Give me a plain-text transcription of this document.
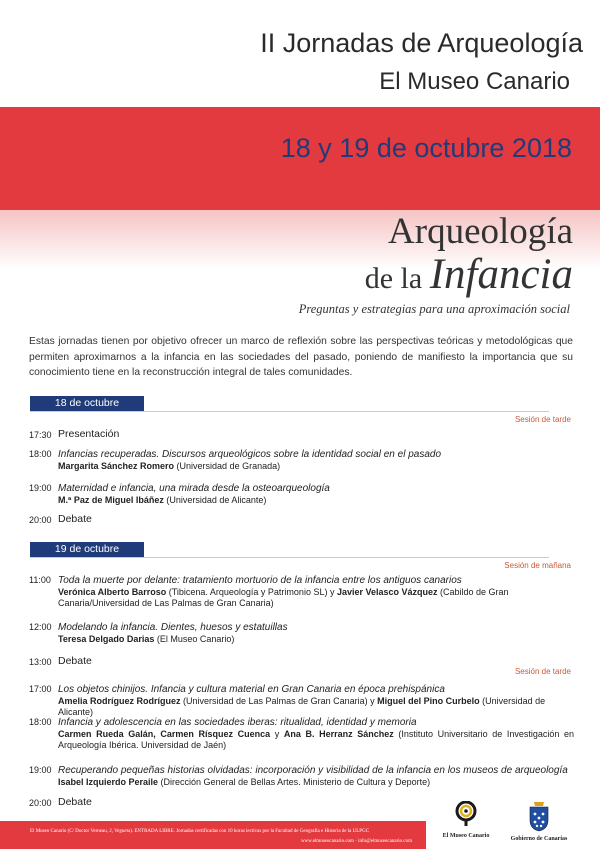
II Jornadas de Arqueología
El Museo Canario
18 y 19 de octubre 2018
Arqueología
de la Infancia
Preguntas y estrategias para una aproximación social
Estas jornadas tienen por objetivo ofrecer un marco de reflexión sobre las perspectivas teóricas y metodológicas que permiten aproximarnos a la infancia en las sociedades del pasado, poniendo de manifiesto la importancia que su conocimiento tiene en la reconstrucción integral de tales comunidades.
18 de octubre
Sesión de tarde
17:30 Presentación
18:00 Infancias recuperadas. Discursos arqueológicos sobre la identidad social en el pasado
Margarita Sánchez Romero (Universidad de Granada)
19:00 Maternidad e infancia, una mirada desde la osteoarqueología
M.ª Paz de Miguel Ibáñez (Universidad de Alicante)
20:00 Debate
19 de octubre
Sesión de mañana
11:00 Toda la muerte por delante: tratamiento mortuorio de la infancia entre los antiguos canarios
Verónica Alberto Barroso (Tibicena. Arqueología y Patrimonio SL) y Javier Velasco Vázquez (Cabildo de Gran Canaria/Universidad de Las Palmas de Gran Canaria)
12:00 Modelando la infancia. Dientes, huesos y estatuillas
Teresa Delgado Darias (El Museo Canario)
13:00 Debate
Sesión de tarde
17:00 Los objetos chinijos. Infancia y cultura material en Gran Canaria en época prehispánica
Amelia Rodríguez Rodríguez (Universidad de Las Palmas de Gran Canaria) y Miguel del Pino Curbelo (Universidad de Alicante)
18:00 Infancia y adolescencia en las sociedades iberas: ritualidad, identidad y memoria
Carmen Rueda Galán, Carmen Rísquez Cuenca y Ana B. Herranz Sánchez (Instituto Universitario de Investigación en Arqueología Ibérica. Universidad de Jaén)
19:00 Recuperando pequeñas historias olvidadas: incorporación y visibilidad de la infancia en los museos de arqueología
Isabel Izquierdo Peraile (Dirección General de Bellas Artes. Ministerio de Cultura y Deporte)
20:00 Debate
El Museo Canario (C/ Doctor Verneau, 2, Vegueta). ENTRADA LIBRE. Jornadas certificadas con 10 horas lectivas por la Facultad de Geografía e Historia de la ULPGC
www.elmuseocanario.com · info@elmuseocanario.com
El Museo Canario	Gobierno de Canarias
